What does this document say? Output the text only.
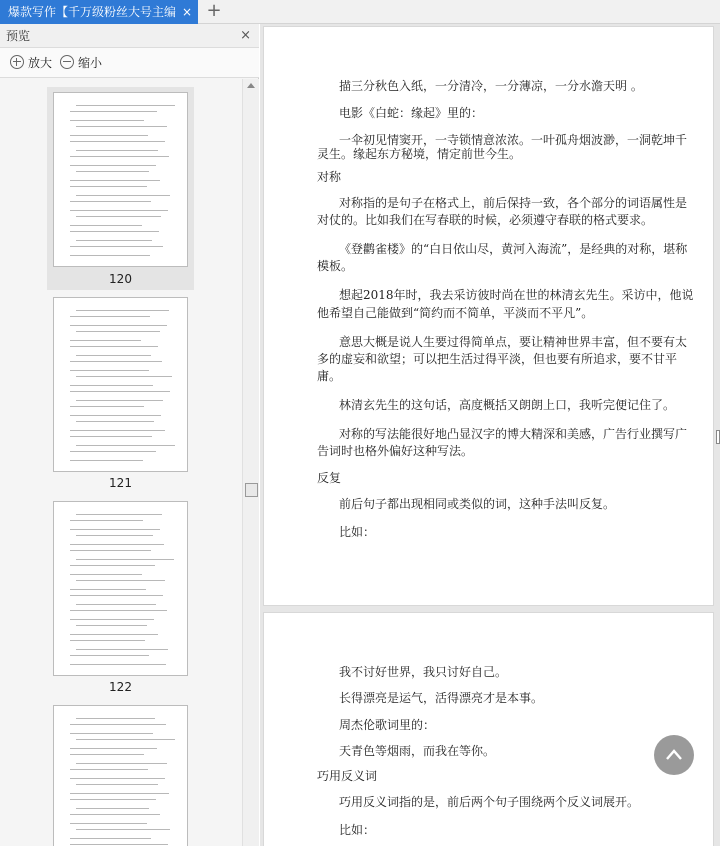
爆款写作【千万级粉丝大号主编 × +
预览	×
放大	缩小
120
121
122
描三分秋色入纸，一分清冷，一分薄凉，一分水澹天明 。
电影《白蛇：缘起》里的：
一伞初见情窦开，一寺锁情意浓浓。一叶孤舟烟波渺，一洞乾坤千
灵生。缘起东方秘境，情定前世今生。
对称
对称指的是句子在格式上，前后保持一致，各个部分的词语属性是
对仗的。比如我们在写春联的时候，必须遵守春联的格式要求。
《登鹳雀楼》的“白日依山尽，黄河入海流”，是经典的对称，堪称
模板。
想起2018年时，我去采访彼时尚在世的林清玄先生。采访中，他说
他希望自己能做到“简约而不简单，平淡而不平凡”。
意思大概是说人生要过得简单点，要让精神世界丰富，但不要有太
多的虚妄和欲望；可以把生活过得平淡，但也要有所追求，要不甘平
庸。
林清玄先生的这句话，高度概括又朗朗上口，我听完便记住了。
对称的写法能很好地凸显汉字的博大精深和美感，广告行业撰写广
告词时也格外偏好这种写法。
反复
前后句子都出现相同或类似的词，这种手法叫反复。
比如：
我不讨好世界，我只讨好自己。
长得漂亮是运气，活得漂亮才是本事。
周杰伦歌词里的：
天青色等烟雨，而我在等你。
巧用反义词
巧用反义词指的是，前后两个句子围绕两个反义词展开。
比如：
